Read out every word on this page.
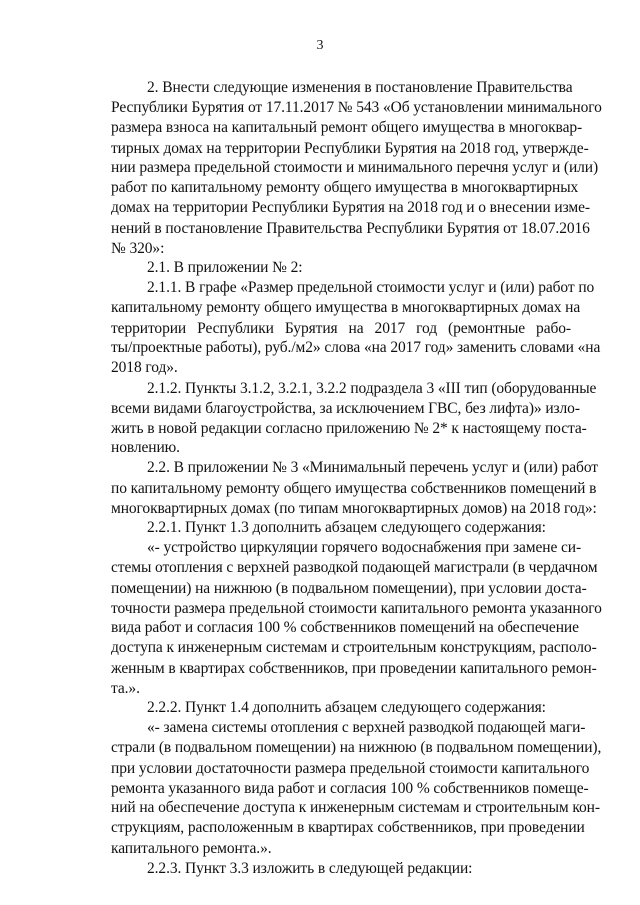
3
2. Внести следующие изменения в постановление Правительства
Республики Бурятия от 17.11.2017 № 543 «Об установлении минимального
размера взноса на капитальный ремонт общего имущества в многоквар-
тирных домах на территории Республики Бурятия на 2018 год, утвержде-
нии размера предельной стоимости и минимального перечня услуг и (или)
работ по капитальному ремонту общего имущества в многоквартирных
домах на территории Республики Бурятия на 2018 год и о внесении изме-
нений в постановление Правительства Республики Бурятия от 18.07.2016
№ 320»:
2.1. В приложении № 2:
2.1.1. В графе «Размер предельной стоимости услуг и (или) работ по
капитальному ремонту общего имущества в многоквартирных домах на
территории Республики Бурятия на 2017 год (ремонтные рабо-
ты/проектные работы), руб./м2» слова «на 2017 год» заменить словами «на
2018 год».
2.1.2. Пункты 3.1.2, 3.2.1, 3.2.2 подраздела 3 «III тип (оборудованные
всеми видами благоустройства, за исключением ГВС, без лифта)» изло-
жить в новой редакции согласно приложению № 2* к настоящему поста-
новлению.
2.2. В приложении № 3 «Минимальный перечень услуг и (или) работ
по капитальному ремонту общего имущества собственников помещений в
многоквартирных домах (по типам многоквартирных домов) на 2018 год»:
2.2.1. Пункт 1.3 дополнить абзацем следующего содержания:
«- устройство циркуляции горячего водоснабжения при замене си-
стемы отопления с верхней разводкой подающей магистрали (в чердачном
помещении) на нижнюю (в подвальном помещении), при условии доста-
точности размера предельной стоимости капитального ремонта указанного
вида работ и согласия 100 % собственников помещений на обеспечение
доступа к инженерным системам и строительным конструкциям, располо-
женным в квартирах собственников, при проведении капитального ремон-
та.».
2.2.2. Пункт 1.4 дополнить абзацем следующего содержания:
«- замена системы отопления с верхней разводкой подающей маги-
страли (в подвальном помещении) на нижнюю (в подвальном помещении),
при условии достаточности размера предельной стоимости капитального
ремонта указанного вида работ и согласия 100 % собственников помеще-
ний на обеспечение доступа к инженерным системам и строительным кон-
струкциям, расположенным в квартирах собственников, при проведении
капитального ремонта.».
2.2.3. Пункт 3.3 изложить в следующей редакции:
